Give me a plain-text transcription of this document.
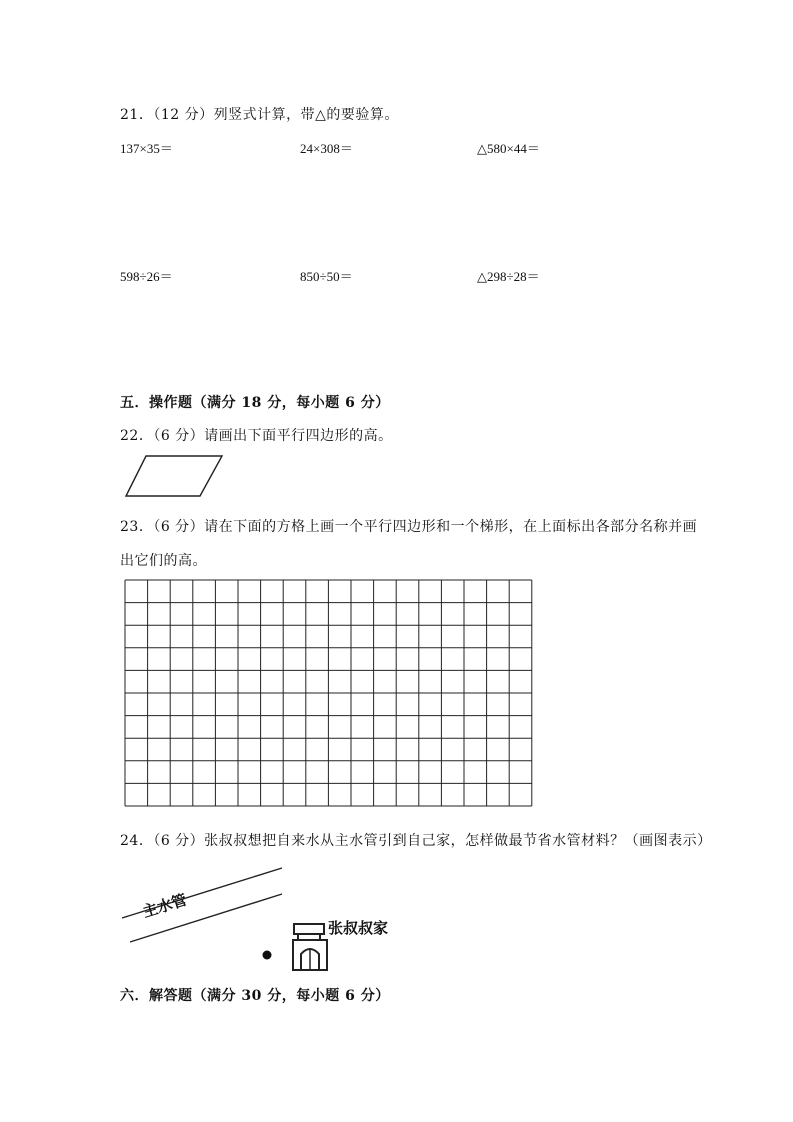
21．（12 分）列竖式计算，带△的要验算。
137×35＝	24×308＝	△580×44＝
598÷26＝	850÷50＝	△298÷28＝
五．操作题（满分 18 分，每小题 6 分）
22．（6 分）请画出下面平行四边形的高。
23．（6 分）请在下面的方格上画一个平行四边形和一个梯形，在上面标出各部分名称并画
出它们的高。
24．（6 分）张叔叔想把自来水从主水管引到自己家，怎样做最节省水管材料？（画图表示）
主水管
张叔叔家
六．解答题（满分 30 分，每小题 6 分）
